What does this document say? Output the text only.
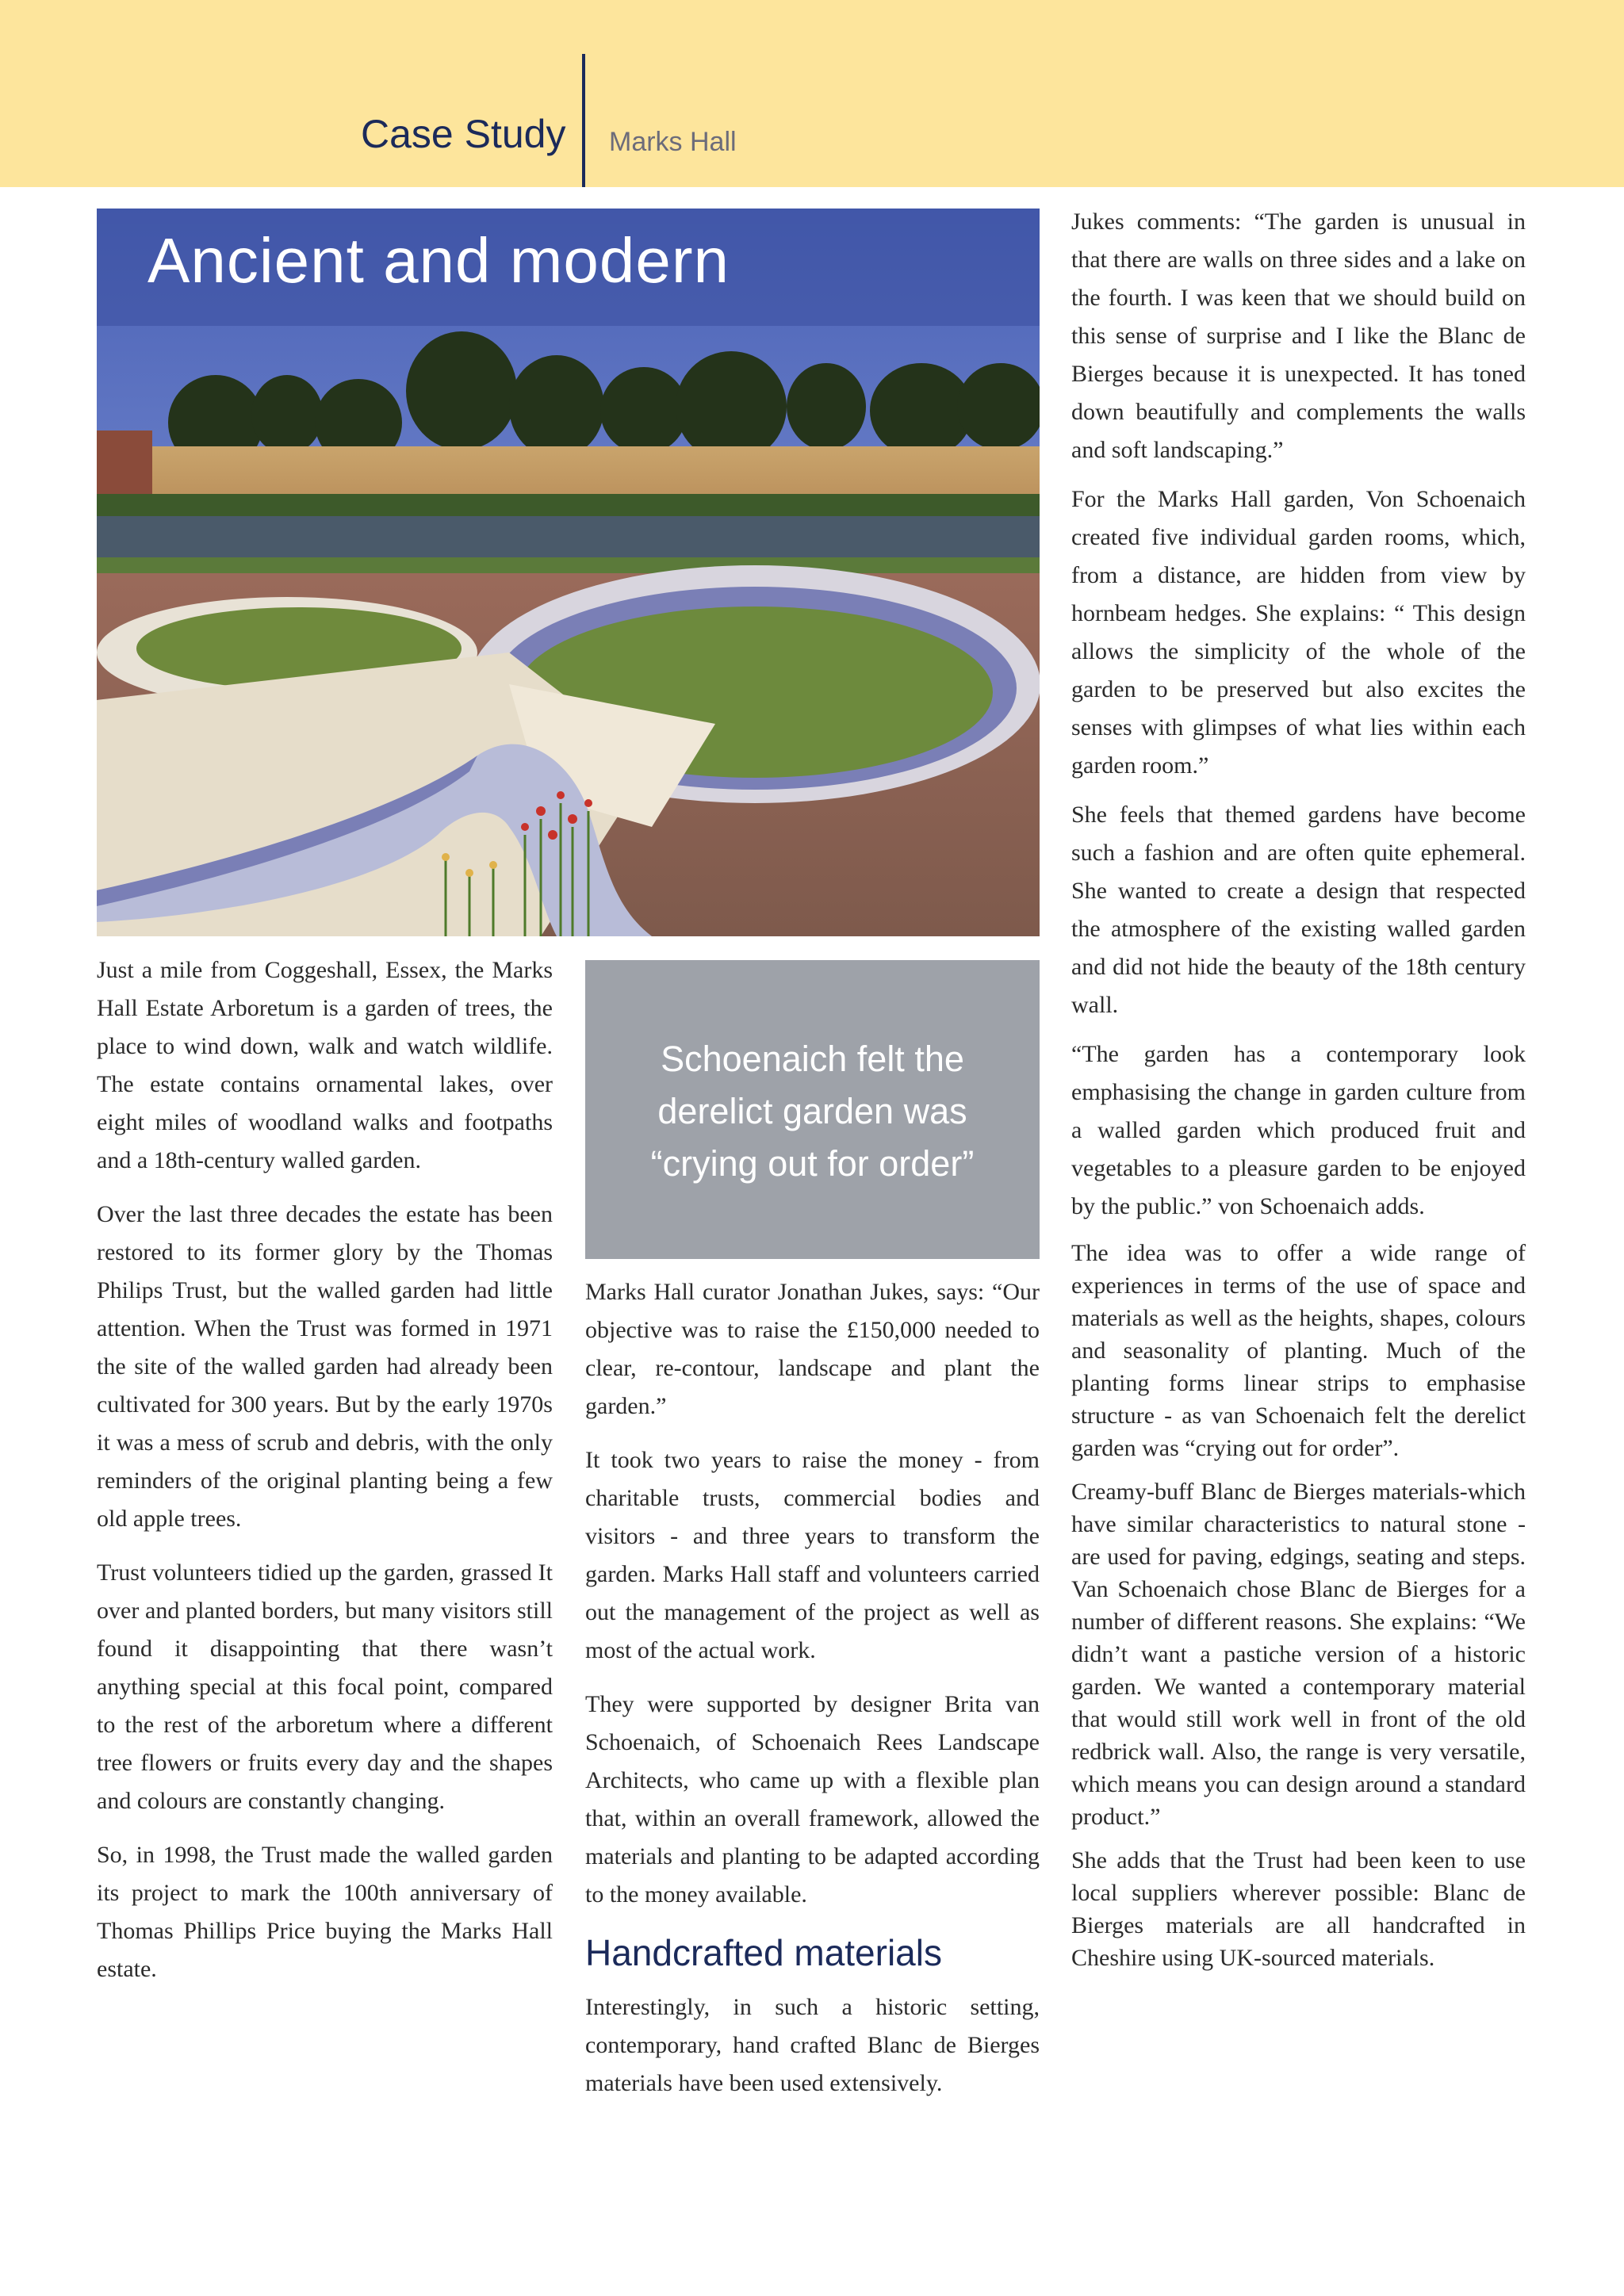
Case Study Marks Hall
Ancient and modern

Just a mile from Coggeshall, Essex, the Marks Hall Estate Arboretum is a garden of trees, the place to wind down, walk and watch wildlife. The estate contains ornamental lakes, over eight miles of woodland walks and footpaths and a 18th-century walled garden.

Over the last three decades the estate has been restored to its former glory by the Thomas Philips Trust, but the walled garden had little attention. When the Trust was formed in 1971 the site of the walled garden had already been cultivated for 300 years. But by the early 1970s it was a mess of scrub and debris, with the only reminders of the original planting being a few old apple trees.

Trust volunteers tidied up the garden, grassed It over and planted borders, but many visitors still found it disappointing that there wasn’t anything special at this focal point, compared to the rest of the arboretum where a different tree flowers or fruits every day and the shapes and colours are constantly changing.

So, in 1998, the Trust made the walled garden its project to mark the 100th anniversary of Thomas Phillips Price buying the Marks Hall estate.

Schoenaich felt the
derelict garden was
“crying out for order”

Marks Hall curator Jonathan Jukes, says: “Our objective was to raise the £150,000 needed to clear, re-contour, landscape and plant the garden.”

It took two years to raise the money - from charitable trusts, commercial bodies and visitors - and three years to transform the garden. Marks Hall staff and volunteers carried out the management of the project as well as most of the actual work.

They were supported by designer Brita van Schoenaich, of Schoenaich Rees Landscape Architects, who came up with a flexible plan that, within an overall framework, allowed the materials and planting to be adapted according to the money available.

Handcrafted materials

Interestingly, in such a historic setting, contemporary, hand crafted Blanc de Bierges materials have been used extensively.

Jukes comments: “The garden is unusual in that there are walls on three sides and a lake on the fourth. I was keen that we should build on this sense of surprise and I like the Blanc de Bierges because it is unexpected. It has toned down beautifully and complements the walls and soft landscaping.”

For the Marks Hall garden, Von Schoenaich created five individual garden rooms, which, from a distance, are hidden from view by hornbeam hedges. She explains: “ This design allows the simplicity of the whole of the garden to be preserved but also excites the senses with glimpses of what lies within each garden room.”

She feels that themed gardens have become such a fashion and are often quite ephemeral. She wanted to create a design that respected the atmosphere of the existing walled garden and did not hide the beauty of the 18th century wall.

“The garden has a contemporary look emphasising the change in garden culture from a walled garden which produced fruit and vegetables to a pleasure garden to be enjoyed by the public.” von Schoenaich adds.

The idea was to offer a wide range of experiences in terms of the use of space and materials as well as the heights, shapes, colours and seasonality of planting. Much of the planting forms linear strips to emphasise structure - as van Schoenaich felt the derelict garden was “crying out for order”.

Creamy-buff Blanc de Bierges materials-which have similar characteristics to natural stone - are used for paving, edgings, seating and steps. Van Schoenaich chose Blanc de Bierges for a number of different reasons. She explains: “We didn’t want a pastiche version of a historic garden. We wanted a contemporary material that would still work well in front of the old redbrick wall. Also, the range is very versatile, which means you can design around a standard product.”

She adds that the Trust had been keen to use local suppliers wherever possible: Blanc de Bierges materials are all handcrafted in Cheshire using UK-sourced materials.
